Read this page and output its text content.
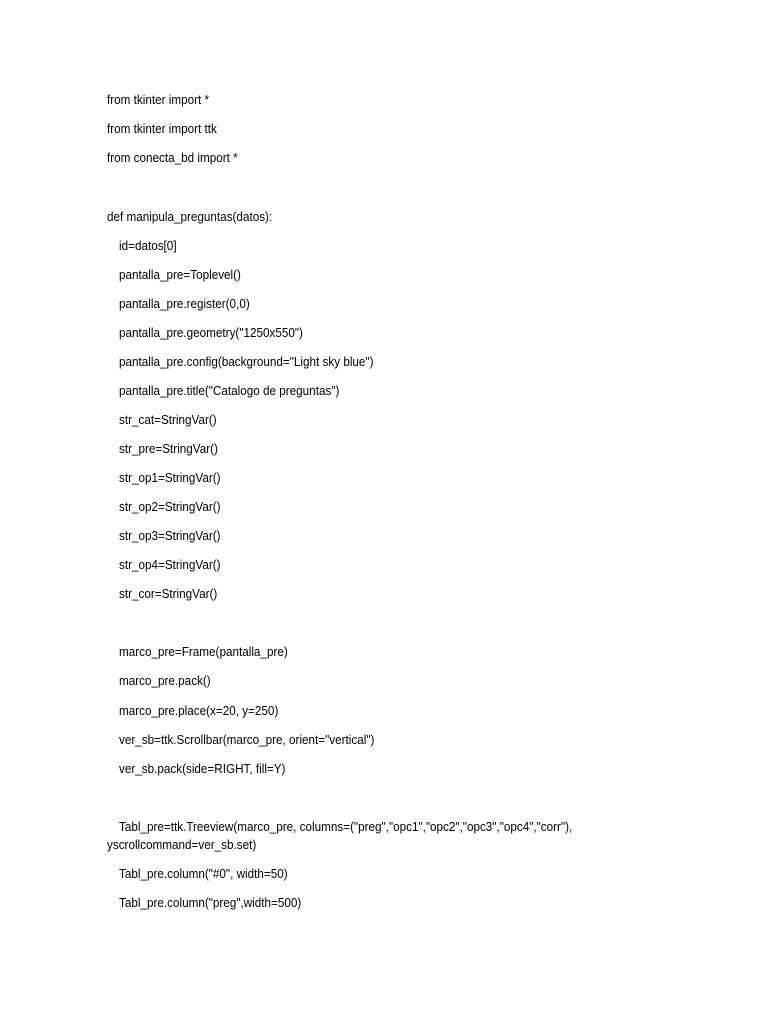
from tkinter import *
from tkinter import ttk
from conecta_bd import *
def manipula_preguntas(datos):
id=datos[0]
pantalla_pre=Toplevel()
pantalla_pre.register(0,0)
pantalla_pre.geometry("1250x550")
pantalla_pre.config(background="Light sky blue")
pantalla_pre.title("Catalogo de preguntas")
str_cat=StringVar()
str_pre=StringVar()
str_op1=StringVar()
str_op2=StringVar()
str_op3=StringVar()
str_op4=StringVar()
str_cor=StringVar()
marco_pre=Frame(pantalla_pre)
marco_pre.pack()
marco_pre.place(x=20, y=250)
ver_sb=ttk.Scrollbar(marco_pre, orient="vertical")
ver_sb.pack(side=RIGHT, fill=Y)
Tabl_pre=ttk.Treeview(marco_pre, columns=("preg","opc1","opc2","opc3","opc4","corr"),
yscrollcommand=ver_sb.set)
Tabl_pre.column("#0", width=50)
Tabl_pre.column("preg",width=500)
